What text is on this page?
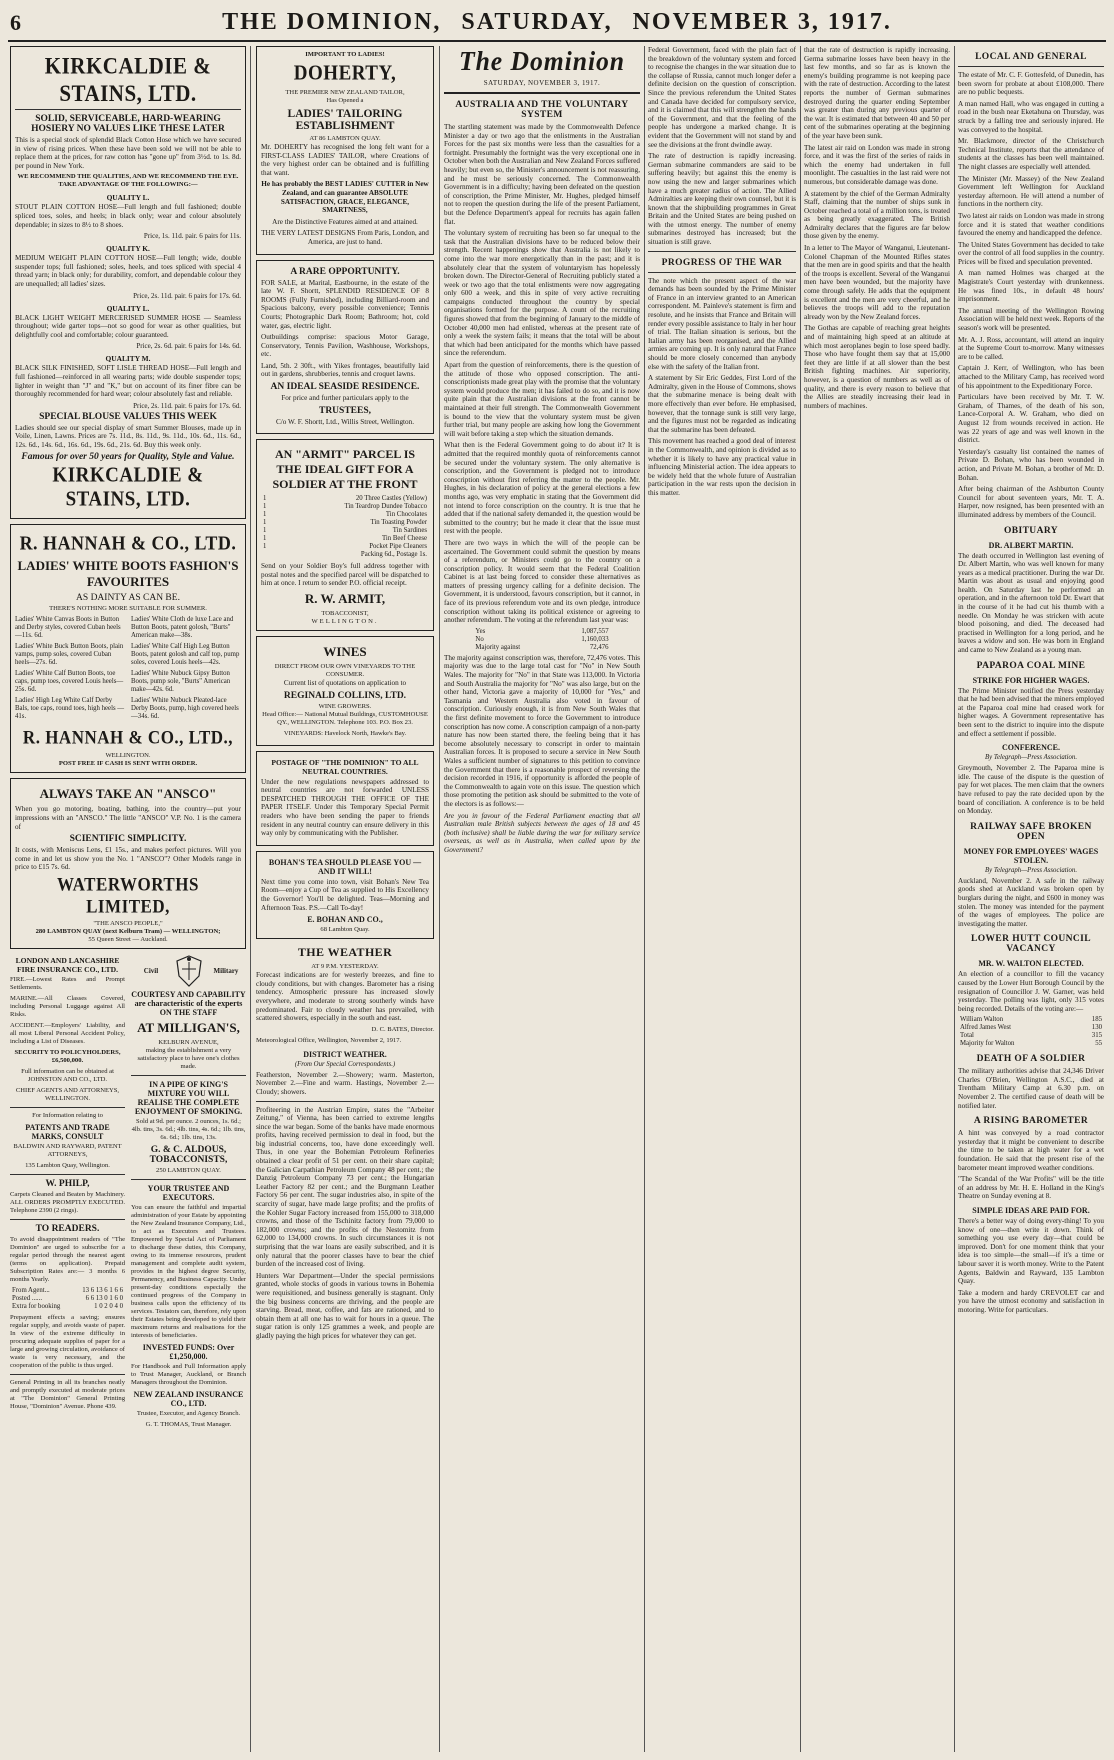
6	THE DOMINION, SATURDAY, NOVEMBER 3, 1917.
KIRKCALDIE & STAINS, LTD.
SOLID, SERVICEABLE, HARD-WEARING HOSIERY NO VALUES LIKE THESE LATER

This is a special stock of splendid Black Cotton Hose which we have secured in view of rising prices. When these have been sold we will not be able to replace them at the prices, for raw cotton has "gone up" from 3½d. to 1s. 8d. per pound in New York.

WE RECOMMEND THE QUALITIES, AND WE RECOMMEND THE EYE. TAKE ADVANTAGE OF THE FOLLOWING:—

QUALITY L.

STOUT PLAIN COTTON HOSE—Full length and full fashioned; double spliced toes, soles, and heels; in black only; wear and colour absolutely dependable; in sizes to 8½ to 8 shoes.

Price, 1s. 11d. pair. 6 pairs for 11s.
QUALITY K.

MEDIUM WEIGHT PLAIN COTTON HOSE—Full length; wide, double suspender tops; full fashioned; soles, heels, and toes spliced with special 4 thread yarn; in black only; for durability, comfort, and dependable colour they are unequalled; all ladies' sizes.

Price, 2s. 11d. pair. 6 pairs for 17s. 6d.
QUALITY L.

BLACK LIGHT WEIGHT MERCERISED SUMMER HOSE — Seamless throughout; wide garter tops—not so good for wear as other qualities, but delightfully cool and comfortable; colour guaranteed.

Price, 2s. 6d. pair. 6 pairs for 14s. 6d.
QUALITY M.

BLACK SILK FINISHED, SOFT LISLE THREAD HOSE—Full length and full fashioned—reinforced in all wearing parts; wide double suspender tops; lighter in weight than "J" and "K," but on account of its finer fibre can be thoroughly recommended for hard wear; colour absolutely fast and reliable.

Price, 2s. 11d. pair. 6 pairs for 17s. 6d.
SPECIAL BLOUSE VALUES THIS WEEK

Ladies should see our special display of smart Summer Blouses, made up in Voile, Linen, Lawns. Prices are 7s. 11d., 8s. 11d., 9s. 11d., 10s. 6d., 11s. 6d., 12s. 6d., 14s. 6d., 16s. 6d., 19s. 6d., 21s. 6d. Buy this week only.

Famous for over 50 years for Quality, Style and Value.
KIRKCALDIE & STAINS, LTD.
R. HANNAH & CO., LTD.
LADIES' WHITE BOOTS FASHION'S FAVOURITES
AS DAINTY AS CAN BE.
THERE'S NOTHING MORE SUITABLE FOR SUMMER.
Ladies' White Canvas Boots in Button and Derby styles, covered Cuban heels—11s. 6d.
Ladies' White Buck Button Boots, plain vamps, pump soles, covered Cuban heels—27s. 6d.
Ladies' White Calf Button Boots, toe caps, pump toes, covered Louis heels—25s. 6d.
Ladies' High Leg White Calf Derby Bals, toe caps, round toes, high heels —41s.
Ladies' White Cloth de luxe Lace and Button Boots, patent golosh, "Burts" American make—38s.
Ladies' White Calf High Leg Button Boots, patent golosh and calf top, pump soles, covered Louis heels—42s.
Ladies' White Nubuck Gipsy Button Boots, pump sole, "Burts" American make—42s. 6d.
Ladies' White Nubuck Pleated-lace Derby Boots, pump, high covered heels—34s. 6d.
R. HANNAH & CO., LTD.,
WELLINGTON.
POST FREE IF CASH IS SENT WITH ORDER.
ALWAYS TAKE AN "ANSCO"

When you go motoring, boating, bathing, into the country—put your impressions with an "ANSCO." The little "ANSCO" V.P. No. 1 is the camera of

SCIENTIFIC SIMPLICITY.

It costs, with Meniscus Lens, £1 15s., and makes perfect pictures. Will you come in and let us show you the No. 1 "ANSCO"? Other Models range in price to £15 7s. 6d.

WATERWORTHS LIMITED,
"THE ANSCO PEOPLE,"
280 LAMBTON QUAY (next Kelburn Tram) — WELLINGTON;
55 Queen Street — Auckland.
LONDON AND LANCASHIRE FIRE INSURANCE CO., LTD.

FIRE.—Lowest Rates and Prompt Settlements.

MARINE.—All Classes Covered, including Personal Luggage against All Risks.

ACCIDENT.—Employers' Liability, and all most Liberal Personal Accident Policy, including a List of Diseases.

SECURITY TO POLICYHOLDERS, £6,500,000.

Full information can be obtained at JOHNSTON AND CO., LTD.

CHIEF AGENTS AND ATTORNEYS, WELLINGTON.

For Information relating to

PATENTS AND TRADE MARKS, CONSULT

BALDWIN AND RAYWARD, PATENT ATTORNEYS,

135 Lambton Quay, Wellington.

W. PHILP,

Carpets Cleaned and Beaten by Machinery. ALL ORDERS PROMPTLY EXECUTED. Telephone 2390 (2 rings).

TO READERS.

To avoid disappointment readers of "The Dominion" are urged to subscribe for a regular period through the nearest agent (terms on application). Prepaid Subscription Rates are:— 3 months 6 months Yearly.

From Agent...	13 6 13 6 1 6 6
Posted ......	6 6 13 0 1 6 0
Extra for booking	1 0 2 0 4 0

Prepayment effects a saving; ensures regular supply, and avoids waste of paper. In view of the extreme difficulty in procuring adequate supplies of paper for a large and growing circulation, avoidance of waste is very necessary, and the cooperation of the public is thus urged.

General Printing in all its branches neatly and promptly executed at moderate prices at "The Dominion" General Printing House, "Dominion" Avenue. Phone 439.

Civil	Military
COURTESY AND CAPABILITY are characteristic of the experts ON THE STAFF
AT MILLIGAN'S,
KELBURN AVENUE,

making the establishment a very satisfactory place to have one's clothes made.

IN A PIPE OF KING'S MIXTURE YOU WILL REALISE THE COMPLETE ENJOYMENT OF SMOKING.

Sold at 9d. per ounce. 2 ounces, 1s. 6d.; 4lb. tins, 3s. 6d.; 4lb. tins, 4s. 6d.; 1lb. tins, 6s. 6d.; 1lb. tins, 13s.

G. & C. ALDOUS, TOBACCONISTS,
250 LAMBTON QUAY.
YOUR TRUSTEE AND EXECUTORS.

You can ensure the faithful and impartial administration of your Estate by appointing the New Zealand Insurance Company, Ltd., to act as Executors and Trustees. Empowered by Special Act of Parliament to discharge these duties, this Company, owing to its immense resources, prudent management and complete audit system, provides in the highest degree Security, Permanency, and Business Capacity. Under present-day conditions especially the continued progress of the Company in business calls upon the efficiency of its services. Testators can, therefore, rely upon their Estates being developed to yield their maximum returns and realisations for the interests of beneficiaries.

INVESTED FUNDS: Over £1,250,000.

For Handbook and Full Information apply to Trust Manager, Auckland, or Branch Managers throughout the Dominion.

NEW ZEALAND INSURANCE CO., LTD.

Trustee, Executor, and Agency Branch.

G. T. THOMAS, Trust Manager.

IMPORTANT TO LADIES!
DOHERTY,
THE PREMIER NEW ZEALAND TAILOR,
Has Opened a
LADIES' TAILORING ESTABLISHMENT
AT 86 LAMBTON QUAY.

Mr. DOHERTY has recognised the long felt want for a FIRST-CLASS LADIES' TAILOR, where Creations of the very highest order can be obtained and is fulfilling that want.

He has probably the BEST LADIES' CUTTER in New Zealand, and can guarantee ABSOLUTE SATISFACTION, GRACE, ELEGANCE, SMARTNESS,

Are the Distinctive Features aimed at and attained.

THE VERY LATEST DESIGNS From Paris, London, and America, are just to hand.

A RARE OPPORTUNITY.

FOR SALE, at Marital, Eastbourne, in the estate of the late W. F. Shortt, SPLENDID RESIDENCE OF 8 ROOMS (Fully Furnished), including Billiard-room and Spacious balcony, every possible convenience; Tennis Courts; Photographic Dark Room; Bathroom; hot, cold water, gas, electric light.

Outbuildings comprise: spacious Motor Garage, Conservatory, Tennis Pavilion, Washhouse, Workshops, etc.

Land, 5th. 2 30ft., with Yikes frontages, beautifully laid out in gardens, shrubberies, tennis and croquet lawns.

AN IDEAL SEASIDE RESIDENCE.

For price and further particulars apply to the

TRUSTEES,

C/o W. F. Shortt, Ltd., Willis Street, Wellington.

AN "ARMIT" PARCEL IS THE IDEAL GIFT FOR A SOLDIER AT THE FRONT
1	20 Three Castles (Yellow)
1	Tin Teardrop Dundee Tobacco
1	Tin Chocolates
1	Tin Toasting Powder
1	Tin Sardines
1	Tin Beef Cheese
1	Pocket Pipe Cleaners
	Packing 6d., Postage 1s.

Send on your Soldier Boy's full address together with postal notes and the specified parcel will be dispatched to him at once. I return to sender P.O. official receipt.

R. W. ARMIT,
TOBACCONIST,
WELLINGTON.
WINES
DIRECT FROM OUR OWN VINEYARDS TO THE CONSUMER.

Current list of quotations on application to

REGINALD COLLINS, LTD.
WINE GROWERS.

Head Office:— National Mutual Buildings, CUSTOMHOUSE QY., WELLINGTON. Telephone 103. P.O. Box 23.

VINEYARDS: Havelock North, Hawke's Bay.

POSTAGE OF "THE DOMINION" TO ALL NEUTRAL COUNTRIES.

Under the new regulations newspapers addressed to neutral countries are not forwarded UNLESS DESPATCHED THROUGH THE OFFICE OF THE PAPER ITSELF. Under this Temporary Special Permit readers who have been sending the paper to friends resident in any neutral country can ensure delivery in this way only by communicating with the Publisher.

BOHAN'S TEA SHOULD PLEASE YOU —AND IT WILL!

Next time you come into town, visit Bohan's New Tea Room—enjoy a Cup of Tea as supplied to His Excellency the Governor! You'll be delighted. Teas—Morning and Afternoon Teas. P.S.—Call To-day!

E. BOHAN AND CO.,
68 Lambton Quay.
THE WEATHER
AT 9 P.M. YESTERDAY.

Forecast indications are for westerly breezes, and fine to cloudy conditions, but with changes. Barometer has a rising tendency. Atmospheric pressure has increased slowly everywhere, and moderate to strong southerly winds have predominated. Fair to cloudy weather has prevailed, with scattered showers, especially in the south and east.

D. C. BATES, Director.

Meteorological Office, Wellington, November 2, 1917.

DISTRICT WEATHER.
(From Our Special Correspondents.)

Featherston, November 2.—Showery; warm. Masterton, November 2.—Fine and warm. Hastings, November 2.—Cloudy; showers.

Profiteering in the Austrian Empire, states the "Arbeiter Zeitung," of Vienna, has been carried to extreme lengths since the war began. Some of the banks have made enormous profits, having received permission to deal in food, but the big industrial concerns, too, have done exceedingly well. Thus, in one year the Bohemian Petroleum Refineries obtained a clear profit of 51 per cent. on their share capital; the Galician Carpathian Petroleum Company 48 per cent.; the Danzig Petroleum Company 73 per cent.; the Hungarian Leather Factory 82 per cent.; and the Burgmann Leather Factory 56 per cent. The sugar industries also, in spite of the scarcity of sugar, have made large profits; and the profits of the Kohler Sugar Factory increased from 155,000 to 318,000 crowns, and those of the Tschinitz factory from 79,000 to 182,000 crowns; and the profits of the Nestomitz from 62,000 to 134,000 crowns. In such circumstances it is not surprising that the war loans are easily subscribed, and it is only natural that the poorer classes have to bear the chief burden of the increased cost of living.

Hunters War Department—Under the special permissions granted, whole stocks of goods in various towns in Bohemia were requisitioned, and business generally is stagnant. Only the big business concerns are thriving, and the people are starving. Bread, meat, coffee, and fats are rationed, and to obtain them at all one has to wait for hours in a queue. The sugar ration is only 125 grammes a week, and people are gladly paying the high prices for whatever they can get.

The Dominion
SATURDAY, NOVEMBER 3, 1917.
AUSTRALIA AND THE VOLUNTARY SYSTEM

The startling statement was made by the Commonwealth Defence Minister a day or two ago that the enlistments in the Australian Forces for the past six months were less than the casualties for a fortnight. Presumably the fortnight was the very exceptional one in October when both the Australian and New Zealand Forces suffered heavily; but even so, the Minister's announcement is not reassuring, and he must be seriously concerned. The Commonwealth Government is in a difficulty; having been defeated on the question of conscription, the Prime Minister, Mr. Hughes, pledged himself not to reopen the question during the life of the present Parliament, but the Defence Department's appeal for recruits has again fallen flat.

The voluntary system of recruiting has been so far unequal to the task that the Australian divisions have to be reduced below their strength. Recent happenings show that Australia is not likely to come into the war more energetically than in the past; and it is absolutely clear that the system of voluntaryism has hopelessly broken down. The Director-General of Recruiting publicly stated a week or two ago that the total enlistments were now aggregating only 600 a week, and this in spite of very active recruiting campaigns conducted throughout the country by special organisations formed for the purpose. A count of the recruiting figures showed that from the beginning of January to the middle of October 40,000 men had enlisted, whereas at the present rate of only a week the system fails; it means that the total will be about that which had been anticipated for the months which have passed since the referendum.

Apart from the question of reinforcements, there is the question of the attitude of those who opposed conscription. The anti-conscriptionists made great play with the promise that the voluntary system would produce the men; it has failed to do so, and it is now quite plain that the Australian divisions at the front cannot be maintained at their full strength. The Commonwealth Government is bound to the view that the voluntary system must be given further trial, but many people are asking how long the Government will wait before taking a step which the situation demands.

What then is the Federal Government going to do about it? It is admitted that the required monthly quota of reinforcements cannot be secured under the voluntary system. The only alternative is conscription, and the Government is pledged not to introduce conscription without first referring the matter to the people. Mr. Hughes, in his declaration of policy at the general elections a few months ago, was very emphatic in stating that the Government did not intend to force conscription on the country. It is true that he added that if the national safety demanded it, the question would be submitted to the country; but he made it clear that the issue must rest with the people.

There are two ways in which the will of the people can be ascertained. The Government could submit the question by means of a referendum, or Ministers could go to the country on a conscription policy. It would seem that the Federal Coalition Cabinet is at last being forced to consider these alternatives as matters of pressing urgency calling for a definite decision. The Government, it is understood, favours conscription, but it cannot, in face of its previous referendum vote and its own pledge, introduce conscription without taking its political existence or agreeing to another referendum. The voting at the referendum last year was:

Yes	1,087,557
No	1,160,033
Majority against	72,476

The majority against conscription was, therefore, 72,476 votes. This majority was due to the large total cast for "No" in New South Wales. The majority for "No" in that State was 113,000. In Victoria and South Australia the majority for "No" was also large, but on the other hand, Victoria gave a majority of 10,000 for "Yes," and Tasmania and Western Australia also voted in favour of conscription. Curiously enough, it is from New South Wales that the first definite movement to force the Government to introduce conscription has now come. A conscription campaign of a non-party nature has now been started there, the feeling being that it has become absolutely necessary to conscript in order to maintain Australian forces. It is proposed to secure a service in New South Wales a sufficient number of signatures to this petition to convince the Government that there is a reasonable prospect of reversing the decision recorded in 1916, if opportunity is afforded the people of the Commonwealth to again vote on this issue. The question which those promoting the petition ask should be submitted to the vote of the electors is as follows:—

Are you in favour of the Federal Parliament enacting that all Australian male British subjects between the ages of 18 and 45 (both inclusive) shall be liable during the war for military service overseas, as well as in Australia, when called upon by the Government?

Federal Government, faced with the plain fact of the breakdown of the voluntary system and forced to recognise the changes in the war situation due to the collapse of Russia, cannot much longer defer a definite decision on the question of conscription. Since the previous referendum the United States and Canada have decided for compulsory service, and it is claimed that this will strengthen the hands of the Government, and that the feeling of the people has undergone a marked change. It is evident that the Government will not stand by and see the divisions at the front dwindle away.

The rate of destruction is rapidly increasing. German submarine commanders are said to be suffering heavily; but against this the enemy is now using the new and larger submarines which have a much greater radius of action. The Allied Admiralties are keeping their own counsel, but it is known that the shipbuilding programmes in Great Britain and the United States are being pushed on with the utmost energy. The number of enemy submarines destroyed has increased; but the situation is still grave.

PROGRESS OF THE WAR

The note which the present aspect of the war demands has been sounded by the Prime Minister of France in an interview granted to an American correspondent. M. Painleve's statement is firm and resolute, and he insists that France and Britain will render every possible assistance to Italy in her hour of trial. The Italian situation is serious, but the Italian army has been reorganised, and the Allied armies are coming up. It is only natural that France should be more closely concerned than anybody else with the safety of the Italian front.

A statement by Sir Eric Geddes, First Lord of the Admiralty, given in the House of Commons, shows that the submarine menace is being dealt with more effectively than ever before. He emphasised, however, that the tonnage sunk is still very large, and the figures must not be regarded as indicating that the submarine has been defeated.

This movement has reached a good deal of interest in the Commonwealth, and opinion is divided as to whether it is likely to have any practical value in influencing Ministerial action. The idea appears to be widely held that the whole future of Australian participation in the war rests upon the decision in this matter.

that the rate of destruction is rapidly increasing. Germa submarine losses have been heavy in the last few months, and so far as is known the enemy's building programme is not keeping pace with the rate of destruction. According to the latest reports the number of German submarines destroyed during the quarter ending September was greater than during any previous quarter of the war. It is estimated that between 40 and 50 per cent of the submarines operating at the beginning of the year have been sunk.

The latest air raid on London was made in strong force, and it was the first of the series of raids in which the enemy had undertaken in full moonlight. The casualties in the last raid were not numerous, but considerable damage was done.

A statement by the chief of the German Admiralty Staff, claiming that the number of ships sunk in October reached a total of a million tons, is treated as being greatly exaggerated. The British Admiralty declares that the figures are far below those given by the enemy.

In a letter to The Mayor of Wanganui, Lieutenant-Colonel Chapman of the Mounted Rifles states that the men are in good spirits and that the health of the troops is excellent. Several of the Wanganui men have been wounded, but the majority have come through safely. He adds that the equipment is excellent and the men are very cheerful, and he believes the troops will add to the reputation already won by the New Zealand forces.

The Gothas are capable of reaching great heights and of maintaining high speed at an altitude at which most aeroplanes begin to lose speed badly. Those who have fought them say that at 15,000 feet they are little if at all slower than the best British fighting machines. Air superiority, however, is a question of numbers as well as of quality, and there is every reason to believe that the Allies are steadily increasing their lead in numbers of machines.

LOCAL AND GENERAL

The estate of Mr. C. F. Gottesfeld, of Dunedin, has been sworn for probate at about £108,000. There are no public bequests.

A man named Hall, who was engaged in cutting a road in the bush near Eketahuna on Thursday, was struck by a falling tree and seriously injured. He was conveyed to the hospital.

Mr. Blackmore, director of the Christchurch Technical Institute, reports that the attendance of students at the classes has been well maintained. The night classes are especially well attended.

The Minister (Mr. Massey) of the New Zealand Government left Wellington for Auckland yesterday afternoon. He will attend a number of functions in the northern city.

Two latest air raids on London was made in strong force and it is stated that weather conditions favoured the enemy and handicapped the defence.

The United States Government has decided to take over the control of all food supplies in the country. Prices will be fixed and speculation prevented.

A man named Holmes was charged at the Magistrate's Court yesterday with drunkenness. He was fined 10s., in default 48 hours' imprisonment.

The annual meeting of the Wellington Rowing Association will be held next week. Reports of the season's work will be presented.

Mr. A. J. Ross, accountant, will attend an inquiry at the Supreme Court to-morrow. Many witnesses are to be called.

Captain J. Kerr, of Wellington, who has been attached to the Military Camp, has received word of his appointment to the Expeditionary Force.

Particulars have been received by Mr. T. W. Graham, of Thames, of the death of his son, Lance-Corporal A. W. Graham, who died on August 12 from wounds received in action. He was 22 years of age and was well known in the district.

Yesterday's casualty list contained the names of Private D. Bohan, who has been wounded in action, and Private M. Bohan, a brother of Mr. D. Bohan.

After being chairman of the Ashburton County Council for about seventeen years, Mr. T. A. Harper, now resigned, has been presented with an illuminated address by members of the Council.

OBITUARY
DR. ALBERT MARTIN.

The death occurred in Wellington last evening of Dr. Albert Martin, who was well known for many years as a medical practitioner. During the war Dr. Martin was about as usual and enjoying good health. On Saturday last he performed an operation, and in the afternoon told Dr. Ewart that in the course of it he had cut his thumb with a needle. On Monday he was stricken with acute blood poisoning, and died. The deceased had practised in Wellington for a long period, and he leaves a widow and son. He was born in England and came to New Zealand as a young man.

PAPAROA COAL MINE
STRIKE FOR HIGHER WAGES.

The Prime Minister notified the Press yesterday that he had been advised that the miners employed at the Paparoa coal mine had ceased work for higher wages. A Government representative has been sent to the district to inquire into the dispute and effect a settlement if possible.

CONFERENCE.
By Telegraph—Press Association.

Greymouth, November 2. The Paparoa mine is idle. The cause of the dispute is the question of pay for wet places. The men claim that the owners have refused to pay the rate decided upon by the board of conciliation. A conference is to be held on Monday.

RAILWAY SAFE BROKEN OPEN
MONEY FOR EMPLOYEES' WAGES STOLEN.
By Telegraph—Press Association.

Auckland, November 2. A safe in the railway goods shed at Auckland was broken open by burglars during the night, and £600 in money was stolen. The money was intended for the payment of the wages of employees. The police are investigating the matter.

LOWER HUTT COUNCIL VACANCY
MR. W. WALTON ELECTED.

An election of a councillor to fill the vacancy caused by the Lower Hutt Borough Council by the resignation of Councillor J. W. Garner, was held yesterday. The polling was light, only 315 votes being recorded. Details of the voting are:—

William Walton	185
Alfred James West	130
Total	315
Majority for Walton	55
DEATH OF A SOLDIER

The military authorities advise that 24,346 Driver Charles O'Brien, Wellington A.S.C., died at Trentham Military Camp at 6.30 p.m. on November 2. The certified cause of death will be notified later.

A RISING BAROMETER

A hint was conveyed by a road contractor yesterday that it might be convenient to describe the time to be taken at high water for a wet foundation. He said that the present rise of the barometer meant improved weather conditions.

"The Scandal of the War Profits" will be the title of an address by Mr. H. E. Holland in the King's Theatre on Sunday evening at 8.

SIMPLE IDEAS ARE PAID FOR.

There's a better way of doing every-thing! To you know of one—then write it down. Think of something you use every day—that could be improved. Don't for one moment think that your idea is too simple—the small—if it's a time or labour saver it is worth money. Write to the Patent Agents, Baldwin and Rayward, 135 Lambton Quay.

Take a modern and hardy CREVOLET car and you have the utmost economy and satisfaction in motoring. Write for particulars.
